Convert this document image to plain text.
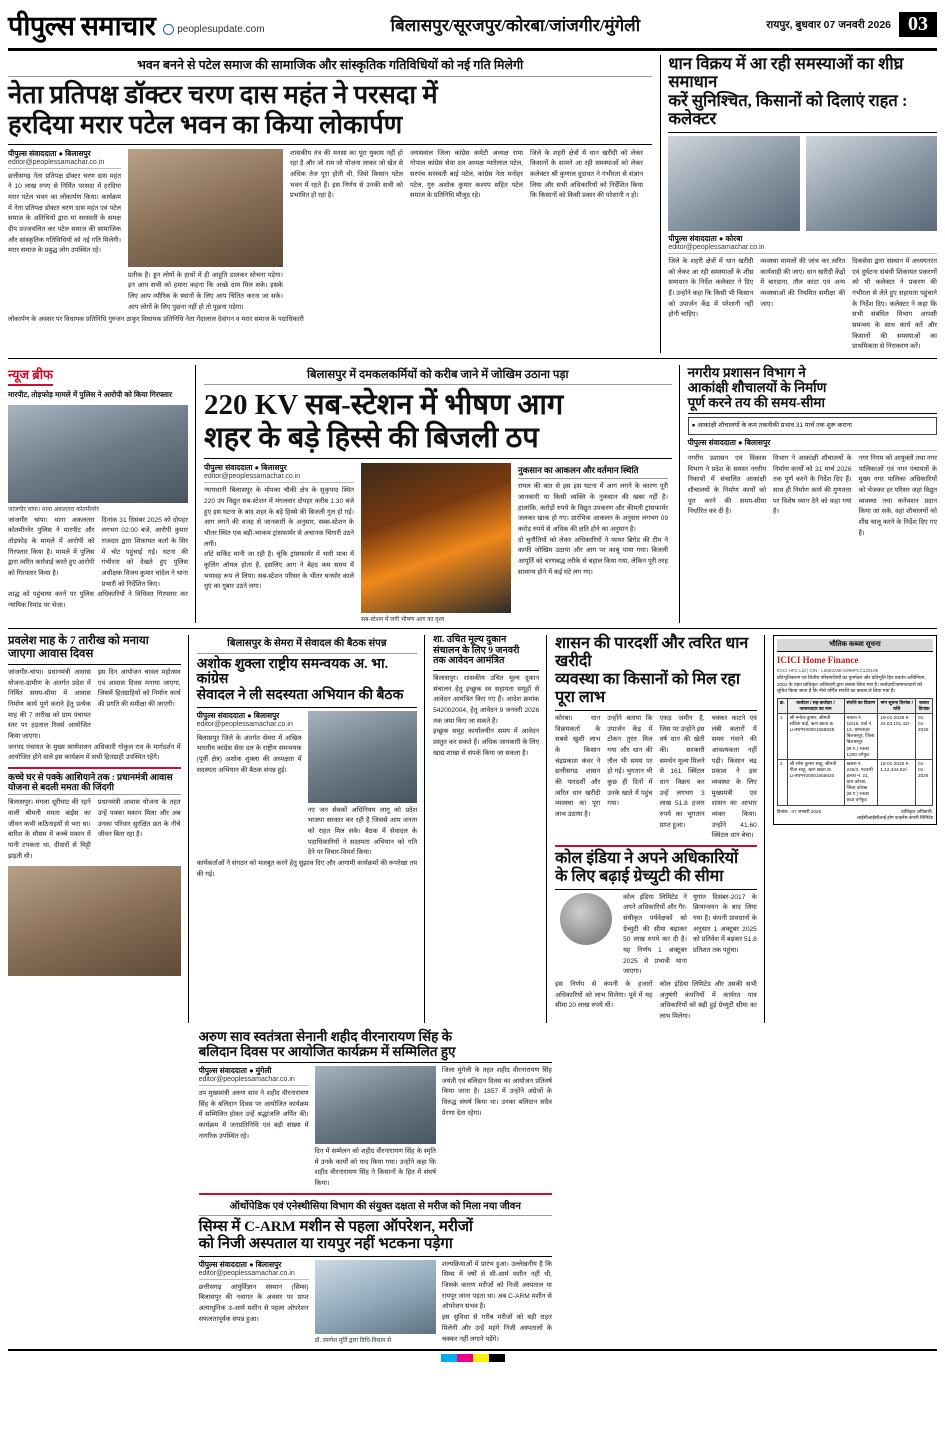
पीपुल्स समाचार peoplesupdate.com	बिलासपुर/सूरजपुर/कोरबा/जांजगीर/मुंगेली	रायपुर, बुधवार 07 जनवरी 2026 03
भवन बनने से पटेल समाज की सामाजिक और सांस्कृतिक गतिविधियों को नई गति मिलेगी
नेता प्रतिपक्ष डॉक्टर चरण दास महंत ने परसदा में
हरदिया मरार पटेल भवन का किया लोकार्पण
पीपुल्स संवाददाता ● बिलासपुर
editor@peoplessamachar.co.in
छत्तीसगढ़ नेता प्रतिपक्ष डॉक्टर चरण दास महंत ने 10 लाख रुपए से निर्मित परसदा में हरदिया मरार पटेल भवन का लोकार्पण किया। कार्यक्रम में नेता प्रतिपक्ष डॉक्टर चरण दास महंत एवं पटेल समाज के अतिथियों द्वारा मां सरस्वती के समक्ष दीप प्रज्जवलित कर पटेल समाज की सामाजिक और सांस्कृतिक गतिविधियों को नई गति मिलेगी। मरार समाज के प्रबुद्ध लोग उपस्थित रहे।
प्रतीक है। ड्डन लोगों के हाथों में ही आहुति डालकर सोचना पड़ेगा। इन आप सभी को हमारा कहना कि अच्छे दाम मिल सके। इसके लिए आप व्यौरिक के स्थानों के लिए आप चिंतित करना जा सके। आप लोगों के लिए पुछना नहीं हो तो पूछना पड़ेगा।
शासकीय तंत्र की मनसा का पूरा मुकाम नहीं हो रहा है और जो राम जो योजना लाकर जो खेत से अधिक तेज पूरा होती थी, जिसे किसान पटेल भवन में रहते हैं। इस निर्णय से उनकी सभी को प्रभावित हो रहा है।
जयसवाल जिला कांग्रेस कमेटी अध्यक्ष रामा गोपाल कांग्रेस सेवा दल अध्यक्ष प्यारेलाल पटेल, सरपंच सरस्वती बाई पटेल, कांग्रेस नेता मनोहर पटेल, गुरु अशोक कुमार कश्यप सहित पटेल समाज के प्रतिनिधि मौजूद रहे।
जिले के शहरी क्षेत्रों में धान खरीदी को लेकर किसानों के सामने आ रही समस्याओं को लेकर कलेक्टर श्री कुणाल दुदावत ने गंभीरता से संज्ञान लिया और सभी अधिकारियों को निर्देशित किया कि किसानों को किसी प्रकार की परेशानी न हो।
लोकार्पण के अवसर पर विधायक प्रतिनिधि गुरुजन ठाकुर विधायक प्रतिनिधि नेता गेंदालाल देवांगन व मरार समाज के पदाधिकारी
धान विक्रय में आ रही समस्याओं का शीघ्र समाधान
करें सुनिश्चित, किसानों को दिलाएं राहत : कलेक्टर
पीपुल्स संवाददाता ● कोरबा
editor@peoplessamachar.co.in
जिले के शहरी क्षेत्रों में धान खरीदी को लेकर आ रही समस्याओं के शीघ्र समाधान के निर्देश कलेक्टर ने दिए हैं। उन्होंने कहा कि किसी भी किसान को उपार्जन केंद्र में परेशानी नहीं होनी चाहिए।
व्यवस्था मामलों की जांच कर त्वरित कार्यवाही की जाए। धान खरीदी केंद्रों में बारदाना, तौल कांटा एवं अन्य व्यवस्थाओं की नियमित समीक्षा की जाए।
दिकसेवा द्वारा संस्थान में अध्ययनरत एवं दुर्घटना संबंधी शिकायत प्रकरणों को भी कलेक्टर ने प्रकरण की गंभीरता से लेते हुए सहायता पहुंचाने के निर्देश दिए। कलेक्टर ने कहा कि सभी संबंधित विभाग आपसी समन्वय के साथ कार्य करें और किसानों की समस्याओं का प्राथमिकता से निराकरण करें।
न्यूज ब्रीफ
मारपीट, तोड़फोड़ मामले में पुलिस ने आरोपी को किया गिरफ्तार
जांजगीर चांपा। थाना अकलतरा कोतमीनरेर
जांजगीर चांपा। थाना अकलतरा कोतमीनरेर पुलिस ने मारपीट और तोड़फोड़ के मामले में आरोपी को गिरफ्तार किया है। मामले में पुलिस द्वारा त्वरित कार्रवाई करते हुए आरोपी को गिरफ्तार किया है।
दिनांक 31 दिसंबर 2025 को दोपहर लगभग 02:00 बजे, आरोपी कुमार राजदार द्वारा शिकायत कर्ता के सिर में चोट पहुंचाई गई। घटना की गंभीरता को देखते हुए पुलिस अधीक्षक विजय कुमार चांदेल ने थाना प्रभारी को निर्देशित किए।
शाद्ध को पहुंचाया करने पर पुलिस अधिकारियों ने विधिवत गिरफ्तार कर न्यायिक रिमांड पर भेजा।
बिलासपुर में दमकलकर्मियों को करीब जाने में जोखिम उठाना पड़ा
220 KV सब-स्टेशन में भीषण आग
शहर के बड़े हिस्से की बिजली ठप
पीपुल्स संवाददाता ● बिलासपुर
editor@peoplessamachar.co.in
न्यायधानी बिलासपुर के मोपका चौकी क्षेत्र के सुकृपाद स्थित 220 उप विद्युत सब-स्टेशन में मंगलवार दोपहर करीब 1:30 बजे हुए इस घटना के बाद शहर के बड़े हिस्से की बिजली गुल हो गई। आग लगने की वजह से जानकारी के अनुसार, सब्स-स्टेशन के भीतर स्थित एक बड़ी-भरकम ट्रांसफार्मर से अचानक चिंगारी उठने लगी।
शॉर्ट सर्किट मानी जा रही है। चूंकि ट्रांसफार्मर में भारी मात्रा में कूलिंग ऑयल होता है, इसलिए आग ने बेहद कम समय में भयावह रूप ले लिया। सब-स्टेशन परिसर के भीतर घनघोर काले धुएं का गुबार उठने लगा।
सब-स्टेशन में लगी भीषण आग का दृश्य
नुकसान का आकलन और वर्तमान स्थिति
रायल की बात से इस इस घटना में आग लगने के कारण पूरी जानकारी या किसी व्यक्ति के नुकसान की खबर नहीं है। हालांकि, करोड़ों रुपये के विद्युत उपकरण और कीमती ट्रांसफार्मर जलकर खाक हो गए। प्रारंभिक आकलन के अनुसार लगभग 09 करोड़ रुपये से अधिक की क्षति होने का अनुमान है।
दो चुनौतियों को लेकर अधिकारियों ने फायर ब्रिगेड की टीम ने काफी जोखिम उठाया और आग पर काबू पाया गया। बिजली आपूर्ति को चरणबद्ध तरीके से बहाल किया गया, लेकिन पूरी तरह सामान्य होने में कई घंटे लग गए।
नगरीय प्रशासन विभाग ने
आकांक्षी शौचालयों के निर्माण
पूर्ण करने तय की समय-सीमा
● आकांक्षी शौचालयों के कम तकनीकी प्रभाव 31 मार्च तक शुरू कराना
पीपुल्स संवाददाता ● बिलासपुर
नगरीय प्रशासन एवं विकास विभाग ने प्रदेश के समस्त नगरीय निकायों में संचालित आकांक्षी शौचालयों के निर्माण कार्यों को पूरा करने की समय-सीमा निर्धारित कर दी है।
विभाग ने आकांक्षी शौचालयों के निर्माण कार्यों को 31 मार्च 2026 तक पूर्ण करने के निर्देश दिए हैं। साथ ही निर्माण कार्य की गुणवत्ता पर विशेष ध्यान देने को कहा गया है।
नगर निगम को आयुक्तों तथा नगर पालिकाओं एवं नगर पंचायतों के मुख्य नगर पालिका अधिकारियों को भेजकर हर परिसर जहां विद्युत व्यवस्था तथा कनेक्शन प्रदान किया जा सके, वहां शौचालयों को शीघ्र चालू करने के निर्देश दिए गए हैं।
प्रवलेश माह के 7 तारीख को मनाया
जाएगा आवास दिवस
जांजगीर-चांपा। प्रधानमंत्री आवास योजना-ग्रामीण के अंतर्गत प्रदेश में निर्मित समय-सीमा में आवास निर्माण कार्य पूर्ण कराने हेतु प्रत्येक माह की 7 तारीख को ग्राम पंचायत स्तर पर हड़ताल रिवर्स आयोजित किया जाएगा।
इस दिन आयोजन चावल महोत्सव एवं आवास दिवस मनाया जाएगा, जिसमें हितग्राहियों को निर्माण कार्य की प्रगति की समीक्षा की जाएगी।
जनपद पंचायत के मुख्य कार्यपालन अधिकारी गोकुल राव के मार्गदर्शन में आयोजित होने वाले इस कार्यक्रम में सभी हितग्राही उपस्थित रहेंगे।
कच्चे घर से पक्के आशियाने तक : प्रधानमंत्री आवास योजना से बदली ममता की जिंदगी
बिलासपुर। मंगला धूरीघाट की रहने वाली श्रीमती ममता बाईंस का जीवन कभी कठिनाइयों से भरा था। बारिश के मौसम में कच्चे मकान में पानी टपकता था, दीवारों से मिट्टी झड़ती थी।
प्रधानमंत्री आवास योजना के तहत उन्हें पक्का मकान मिला और अब उनका परिवार सुरक्षित छत के नीचे जीवन बिता रहा है।
बिलासपुर के सेमरा में सेवादल की बैठक संपन्न
अशोक शुक्ला राष्ट्रीय समन्वयक अ. भा. कांग्रेस
सेवादल ने ली सदस्यता अभियान की बैठक
पीपुल्स संवाददाता ● बिलासपुर
editor@peoplessamachar.co.in
बिलासपुर जिले के अंतर्गत सेमरा में अखिल भारतीय कांग्रेस सेवा दल के राष्ट्रीय समन्वयक (पूर्वी क्षेत्र) अशोक शुक्ला की अध्यक्षता में सदस्यता अभियान की बैठक संपन्न हुई।
नए जन सेवकों अधिनियम लागू को प्रदेश भाजपा सरकार कर रही है जिससे आम जनता को राहत मिल सके। बैठक में सेवादल के पदाधिकारियों ने सदस्यता अभियान को गति देने पर विचार-विमर्श किया।
कार्यकर्ताओं ने संगठन को मजबूत करने हेतु सुझाव दिए और आगामी कार्यक्रमों की रूपरेखा तय की गई।
शा. उचित मूल्य दुकान
संचालन के लिए 9 जनवरी
तक आवेदन आमंत्रित
बिलासपुर। शासकीय उचित मूल्य दुकान संचालन हेतु इच्छुक स्व सहायता समूहों से आवेदन आमंत्रित किए गए हैं। आदेश क्रमांक 542002004, हेतु आवेदन 9 जनवरी 2026 तक जमा किए जा सकते हैं।
इच्छुक समूह कार्यालयीन समय में आवेदन प्रस्तुत कर सकते हैं। अधिक जानकारी के लिए खाद्य शाखा से संपर्क किया जा सकता है।
शासन की पारदर्शी और त्वरित धान खरीदी
व्यवस्था का किसानों को मिल रहा पूरा लाभ
कोरबा। धान विक्रयकर्ता के सबसे खुशी लाभ के किसान चंद्रप्रकाश कंवर ने छत्तीसगढ़ शासन की पारदर्शी और त्वरित धान खरीदी व्यवस्था का पूरा लाभ उठाया है।
उन्होंने बताया कि उपार्जन केंद्र में टोकन तुरंत मिल गया और धान की तौल भी समय पर हो गई। भुगतान भी कुछ ही दिनों में उनके खाते में पहुंच गया।
एकड़ जमीन है, जिस पर उन्होंने इस वर्ष धान की खेती की। सरकारी समर्थन मूल्य मिलने से 161 क्विंटल धान विक्रय कर उन्हें लगभग 3 लाख 51.8 हजार रुपये का भुगतान प्राप्त हुआ।
चक्कर काटने एवं लंबी कतारों में समय गंवाने की आवश्यकता नहीं पड़ी। किसान चंद्र प्रकाश ने इस व्यवस्था के लिए मुख्यमंत्री एवं शासन का आभार व्यक्त किया। उन्होंने 41.60 क्विंटल धान बेचा।
कोल इंडिया ने अपने अधिकारियों
के लिए बढ़ाई ग्रेच्युटी की सीमा
कोल इंडिया लिमिटेड ने अपने अधिकारियों और गैर-संघीकृत पर्यवेक्षकों को ग्रेच्युटी की सीमा बढ़ाकर 50 लाख रुपये कर दी है। यह निर्णय 1 अक्टूबर 2025 से प्रभावी माना जाएगा।
युगांत दिसंबर-2017 के क्रियान्वयन के बाद लिया गया है। कंपनी प्रावधानों के अनुसार 1 अक्टूबर 2025 को प्रतिवेश में बढ़कर 51.8 प्रतिशत तक पहुंचा।
इस निर्णय से कंपनी के हजारों अधिकारियों को लाभ मिलेगा। पूर्व में यह सीमा 20 लाख रुपये थी।
कोल इंडिया लिमिटेड और उसकी सभी अनुषंगी कंपनियों में कार्यरत पात्र अधिकारियों को बढ़ी हुई ग्रेच्युटी सीमा का लाभ मिलेगा।
भौतिक कब्जा सूचना
ICICI Home Finance
ICICI HFC Ltd | CIN : L65922MH1999PLC120106
प्रतिभूतिकरण एवं वित्तीय परिसंपत्तियों का पुनर्गठन और प्रतिभूति हित प्रवर्तन अधिनियम, 2002 के तहत प्राधिकृत अधिकारी द्वारा कब्जा लिया गया है। कर्जदारों/जमानतदारों को सूचित किया जाता है कि नीचे वर्णित संपत्ति का कब्जा ले लिया गया है।
क्र.	कर्जदार / सह-कर्जदार / जमानतदार का नाम	संपत्ति का विवरण	मांग सूचना दिनांक / राशि	कब्जा दिनांक
1	श्री मनोज कुमार, श्रीमती सविता बाई, ऋण खाता क्र. LHRPR00001558828	मकान नं. 16/18, वार्ड नं. 12, ग्राम/शहर बिलासपुर, जिला बिलासपुर (छ.ग.) रकबा 1200 वर्गफुट	18-01-2025 रु. 24,03,101.42/-	01-01-2026
2	श्री रमेश कुमार साहू, श्रीमती गीता साहू, ऋण खाता क्र. LHRPR00001555620	खसरा नं. 245/3, पटवारी हल्का नं. 21, ग्राम कोरबा, जिला कोरबा (छ.ग.) रकबा 950 वर्गफुट	18-01-2025 रु. 1,12,344.82/-	01-01-2026
दिनांक : 07 जनवरी 2026	प्राधिकृत अधिकारी,
आईसीआईसीआई होम फाइनेंस कंपनी लिमिटेड
अरुण साव स्वतंत्रता सेनानी शहीद वीरनारायण सिंह के
बलिदान दिवस पर आयोजित कार्यक्रम में सम्मिलित हुए
पीपुल्स संवाददाता ● मुंगेली
editor@peoplessamachar.co.in
उप मुख्यमंत्री अरुण साव ने शहीद वीरनारायण सिंह के बलिदान दिवस पर आयोजित कार्यक्रम में सम्मिलित होकर उन्हें श्रद्धांजलि अर्पित की। कार्यक्रम में जनप्रतिनिधि एवं बड़ी संख्या में नागरिक उपस्थित रहे।
दिन में सम्मेलन को शहीद वीरनारायण सिंह के स्मृति में उनके कार्यों को याद किया गया। उन्होंने कहा कि शहीद वीरनारायण सिंह ने किसानों के हित में संघर्ष किया।
जिला मुंगेली के तहत शहीद वीरनारायण सिंह जयंती एवं बलिदान दिवस का आयोजन प्रतिवर्ष किया जाता है। 1857 में उन्होंने अंग्रेजों के विरुद्ध संघर्ष किया था। उनका बलिदान सदैव प्रेरणा देता रहेगा।
ऑर्थोपेडिक एवं एनेस्थीसिया विभाग की संयुक्त दक्षता से मरीज को मिला नया जीवन
सिम्स में C-ARM मशीन से पहला ऑपरेशन, मरीजों
को निजी अस्पताल या रायपुर नहीं भटकना पड़ेगा
पीपुल्स संवाददाता ● बिलासपुर
editor@peoplessamachar.co.in
छत्तीसगढ़ आयुर्विज्ञान संस्थान (सिम्स) बिलासपुर की नवागत के अवसर पर प्राप्त अत्याधुनिक उ-आर्म मशीन से पहला ऑपरेशन सफलतापूर्वक संपन्न हुआ।
डॉ. रमणेश मूर्ति द्वारा विधि-विधान से
शल्यक्रियाओं में प्रारंभ हुआ। उल्लेखनीय है कि सिम्स में वर्षों से सी-आर्म मशीन नहीं थी, जिसके कारण मरीजों को निजी अस्पताल या रायपुर जाना पड़ता था। अब C-ARM मशीन से ऑपरेशन संभव है।
इस सुविधा से गरीब मरीजों को बड़ी राहत मिलेगी और उन्हें महंगे निजी अस्पतालों के चक्कर नहीं लगाने पड़ेंगे।
